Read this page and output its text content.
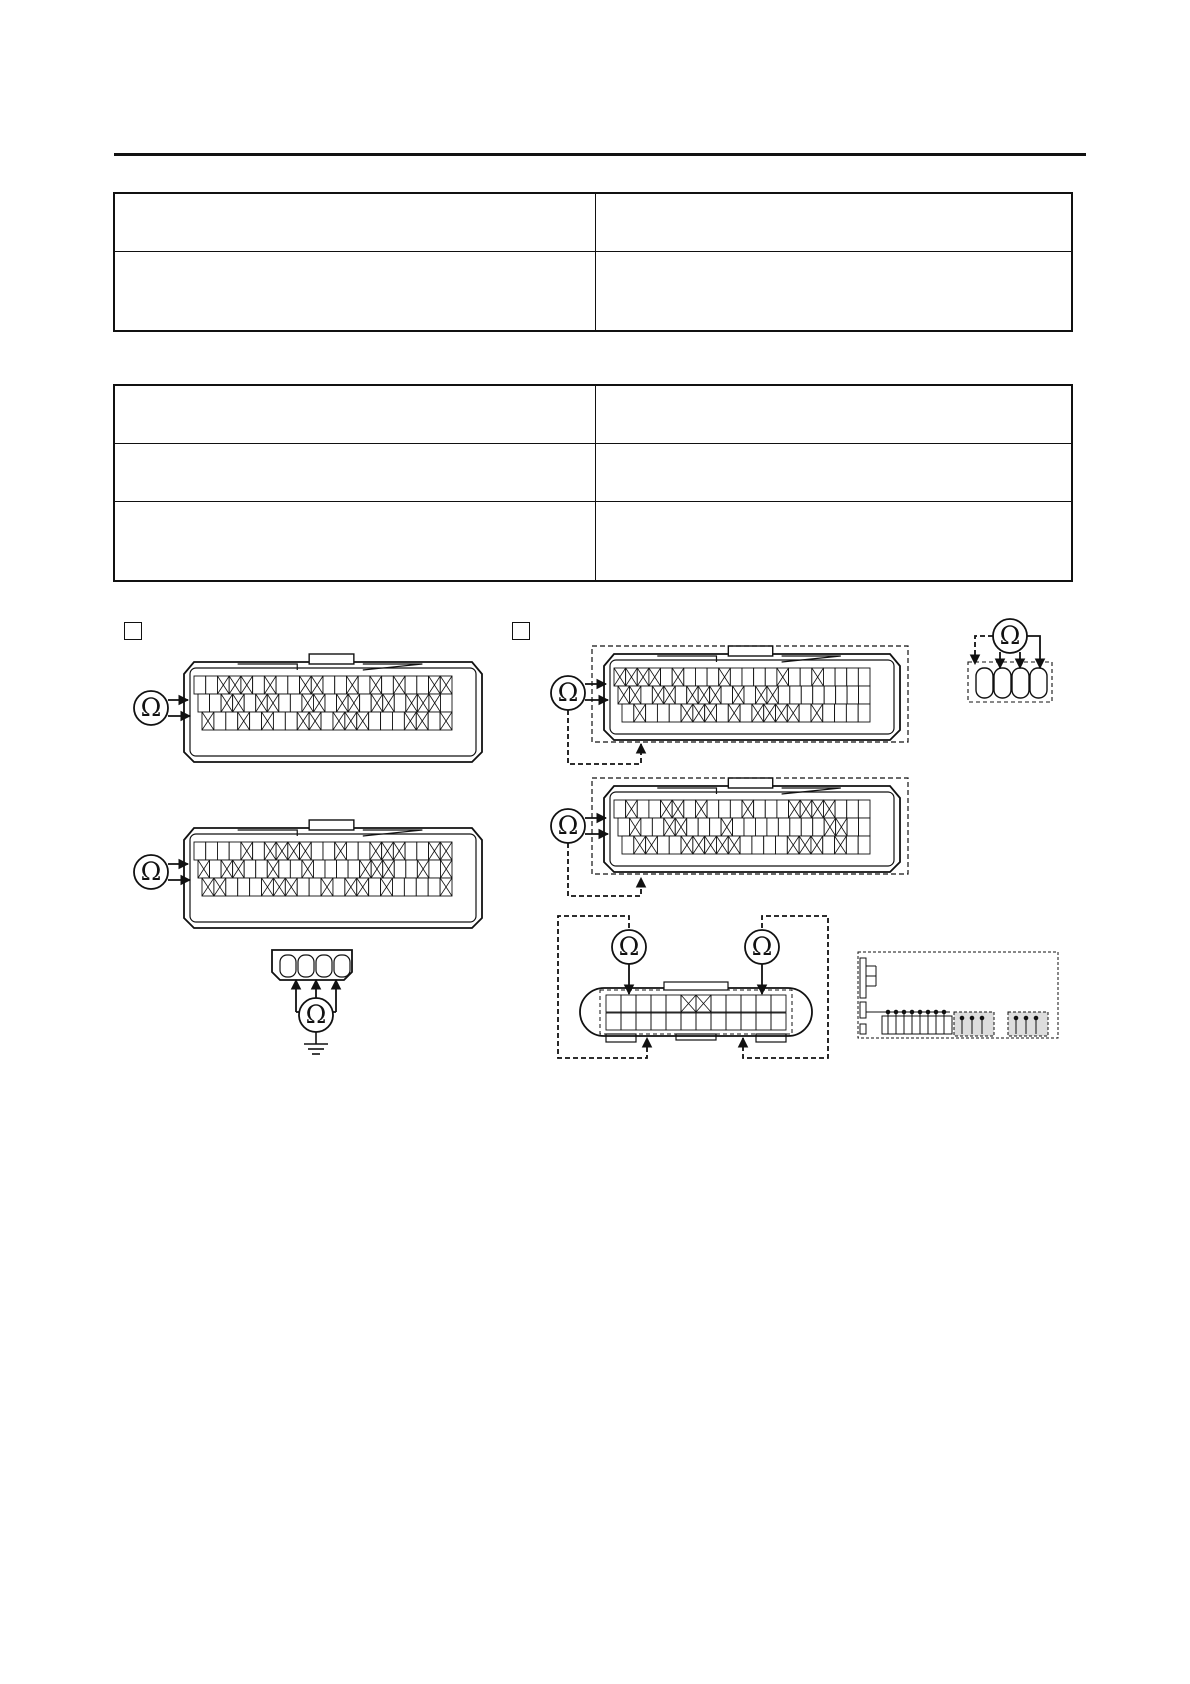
Ω
Ω
Ω
Ω
Ω
Ω
Ω	Ω
